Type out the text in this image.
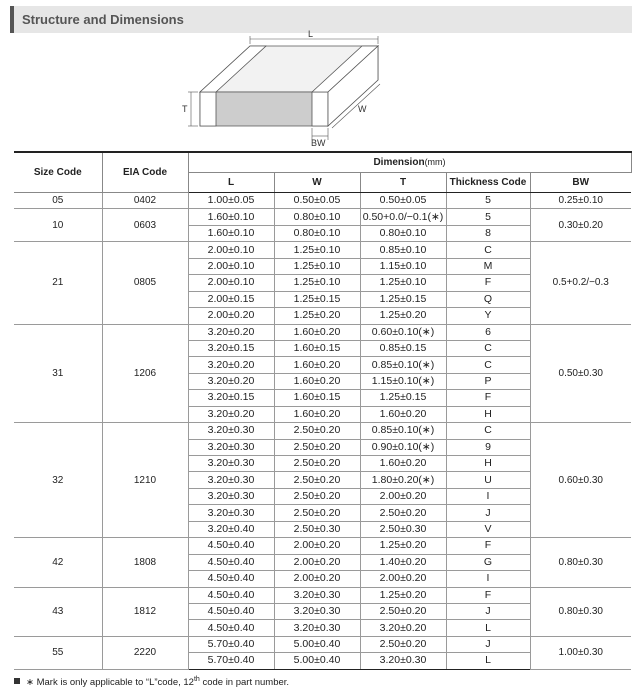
Structure and Dimensions
L
T	W
BW
Size Code	EIA Code	Dimension(mm)				
		L	W	T	Thickness Code	BW
05	0402	1.00±0.05	0.50±0.05	0.50±0.05	5	0.25±0.10
10	0603	1.60±0.10	0.80±0.10	0.50+0.0/−0.1(∗)	5	0.30±0.20
		1.60±0.10	0.80±0.10	0.80±0.10	8	
21	0805	2.00±0.10	1.25±0.10	0.85±0.10	C	0.5+0.2/−0.3
		2.00±0.10	1.25±0.10	1.15±0.10	M	
		2.00±0.10	1.25±0.10	1.25±0.10	F	
		2.00±0.15	1.25±0.15	1.25±0.15	Q	
		2.00±0.20	1.25±0.20	1.25±0.20	Y	
31	1206	3.20±0.20	1.60±0.20	0.60±0.10(∗)	6	0.50±0.30
		3.20±0.15	1.60±0.15	0.85±0.15	C	
		3.20±0.20	1.60±0.20	0.85±0.10(∗)	C	
		3.20±0.20	1.60±0.20	1.15±0.10(∗)	P	
		3.20±0.15	1.60±0.15	1.25±0.15	F	
		3.20±0.20	1.60±0.20	1.60±0.20	H	
32	1210	3.20±0.30	2.50±0.20	0.85±0.10(∗)	C	0.60±0.30
		3.20±0.30	2.50±0.20	0.90±0.10(∗)	9	
		3.20±0.30	2.50±0.20	1.60±0.20	H	
		3.20±0.30	2.50±0.20	1.80±0.20(∗)	U	
		3.20±0.30	2.50±0.20	2.00±0.20	I	
		3.20±0.30	2.50±0.20	2.50±0.20	J	
		3.20±0.40	2.50±0.30	2.50±0.30	V	
42	1808	4.50±0.40	2.00±0.20	1.25±0.20	F	0.80±0.30
		4.50±0.40	2.00±0.20	1.40±0.20	G	
		4.50±0.40	2.00±0.20	2.00±0.20	I	
43	1812	4.50±0.40	3.20±0.30	1.25±0.20	F	0.80±0.30
		4.50±0.40	3.20±0.30	2.50±0.20	J	
		4.50±0.40	3.20±0.30	3.20±0.20	L	
55	2220	5.70±0.40	5.00±0.40	2.50±0.20	J	1.00±0.30
		5.70±0.40	5.00±0.40	3.20±0.30	L	
∗ Mark is only applicable to “L”code, 12th code in part number.
